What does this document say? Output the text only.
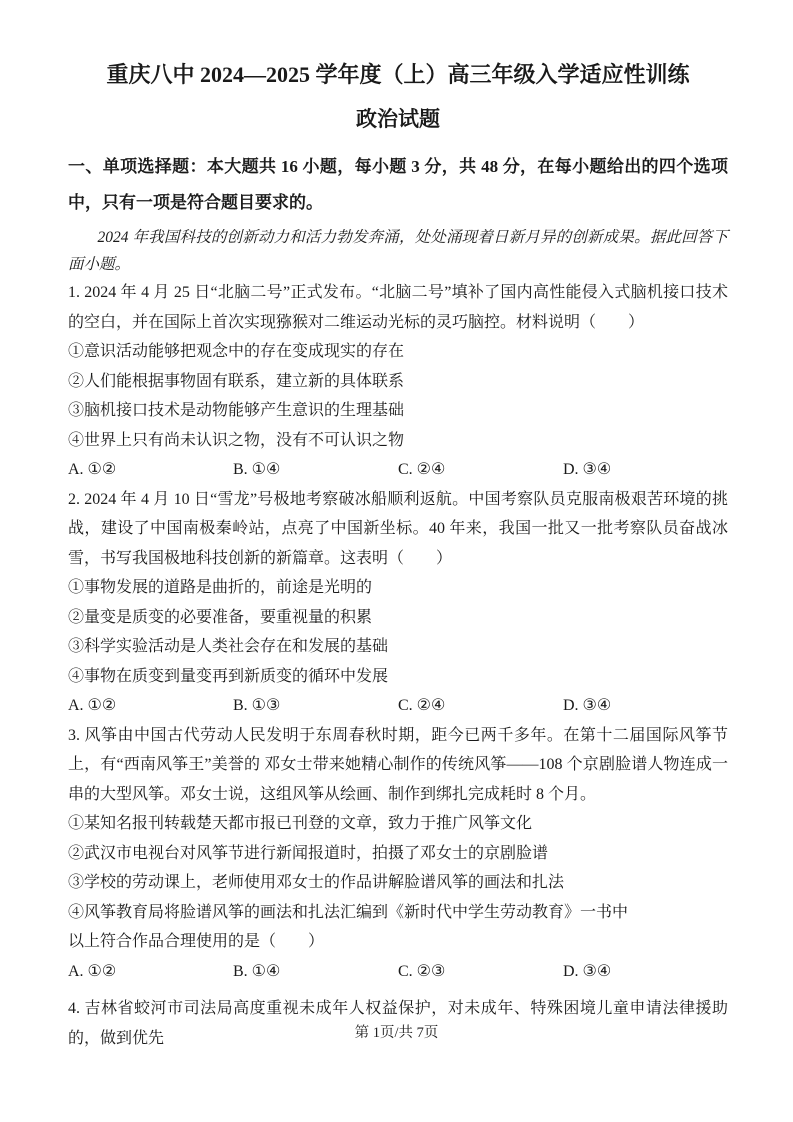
重庆八中 2024—2025 学年度（上）高三年级入学适应性训练
政治试题

一、单项选择题：本大题共 16 小题，每小题 3 分，共 48 分，在每小题给出的四个选项中，只有一项是符合题目要求的。

2024 年我国科技的创新动力和活力勃发奔涌，处处涌现着日新月异的创新成果。据此回答下面小题。

1. 2024 年 4 月 25 日“北脑二号”正式发布。“北脑二号”填补了国内高性能侵入式脑机接口技术的空白，并在国际上首次实现猕猴对二维运动光标的灵巧脑控。材料说明（　　）

①意识活动能够把观念中的存在变成现实的存在

②人们能根据事物固有联系，建立新的具体联系

③脑机接口技术是动物能够产生意识的生理基础

④世界上只有尚未认识之物，没有不可认识之物

A. ①②	B. ①④	C. ②④	D. ③④

2. 2024 年 4 月 10 日“雪龙”号极地考察破冰船顺利返航。中国考察队员克服南极艰苦环境的挑战，建设了中国南极秦岭站，点亮了中国新坐标。40 年来，我国一批又一批考察队员奋战冰雪，书写我国极地科技创新的新篇章。这表明（　　）

①事物发展的道路是曲折的，前途是光明的

②量变是质变的必要准备，要重视量的积累

③科学实验活动是人类社会存在和发展的基础

④事物在质变到量变再到新质变的循环中发展

A. ①②	B. ①③	C. ②④	D. ③④

3. 风筝由中国古代劳动人民发明于东周春秋时期，距今已两千多年。在第十二届国际风筝节上，有“西南风筝王”美誉的 邓女士带来她精心制作的传统风筝——108 个京剧脸谱人物连成一串的大型风筝。邓女士说，这组风筝从绘画、制作到绑扎完成耗时 8 个月。

①某知名报刊转载楚天都市报已刊登的文章，致力于推广风筝文化

②武汉市电视台对风筝节进行新闻报道时，拍摄了邓女士的京剧脸谱

③学校的劳动课上，老师使用邓女士的作品讲解脸谱风筝的画法和扎法

④风筝教育局将脸谱风筝的画法和扎法汇编到《新时代中学生劳动教育》一书中

以上符合作品合理使用的是（　　）

A. ①②	B. ①④	C. ②③	D. ③④

4. 吉林省蛟河市司法局高度重视未成年人权益保护，对未成年、特殊困境儿童申请法律援助的，做到优先	第 1页/共 7页
